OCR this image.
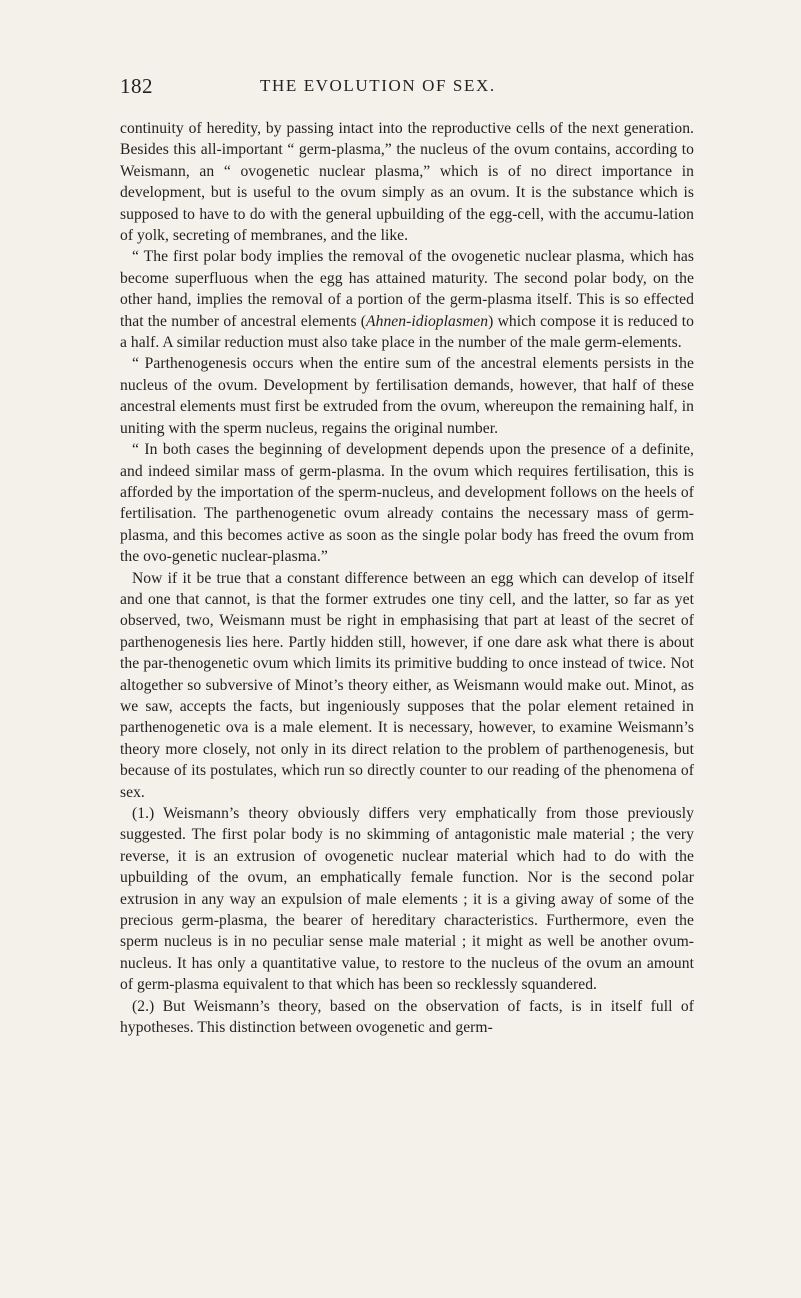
182	THE EVOLUTION OF SEX.

continuity of heredity, by passing intact into the reproductive cells of the next generation. Besides this all-important “ germ-plasma,” the nucleus of the ovum contains, according to Weismann, an “ ovogenetic nuclear plasma,” which is of no direct importance in development, but is useful to the ovum simply as an ovum. It is the substance which is supposed to have to do with the general upbuilding of the egg-cell, with the accumu-lation of yolk, secreting of membranes, and the like.

“ The first polar body implies the removal of the ovogenetic nuclear plasma, which has become superfluous when the egg has attained maturity. The second polar body, on the other hand, implies the removal of a portion of the germ-plasma itself. This is so effected that the number of ancestral elements (Ahnen-idioplasmen) which compose it is reduced to a half. A similar reduction must also take place in the number of the male germ-elements.

“ Parthenogenesis occurs when the entire sum of the ancestral elements persists in the nucleus of the ovum. Development by fertilisation demands, however, that half of these ancestral elements must first be extruded from the ovum, whereupon the remaining half, in uniting with the sperm nucleus, regains the original number.

“ In both cases the beginning of development depends upon the presence of a definite, and indeed similar mass of germ-plasma. In the ovum which requires fertilisation, this is afforded by the importation of the sperm-nucleus, and development follows on the heels of fertilisation. The parthenogenetic ovum already contains the necessary mass of germ-plasma, and this becomes active as soon as the single polar body has freed the ovum from the ovo-genetic nuclear-plasma.”

Now if it be true that a constant difference between an egg which can develop of itself and one that cannot, is that the former extrudes one tiny cell, and the latter, so far as yet observed, two, Weismann must be right in emphasising that part at least of the secret of parthenogenesis lies here. Partly hidden still, however, if one dare ask what there is about the par-thenogenetic ovum which limits its primitive budding to once instead of twice. Not altogether so subversive of Minot’s theory either, as Weismann would make out. Minot, as we saw, accepts the facts, but ingeniously supposes that the polar element retained in parthenogenetic ova is a male element. It is necessary, however, to examine Weismann’s theory more closely, not only in its direct relation to the problem of parthenogenesis, but because of its postulates, which run so directly counter to our reading of the phenomena of sex.

(1.) Weismann’s theory obviously differs very emphatically from those previously suggested. The first polar body is no skimming of antagonistic male material ; the very reverse, it is an extrusion of ovogenetic nuclear material which had to do with the upbuilding of the ovum, an emphatically female function. Nor is the second polar extrusion in any way an expulsion of male elements ; it is a giving away of some of the precious germ-plasma, the bearer of hereditary characteristics. Furthermore, even the sperm nucleus is in no peculiar sense male material ; it might as well be another ovum-nucleus. It has only a quantitative value, to restore to the nucleus of the ovum an amount of germ-plasma equivalent to that which has been so recklessly squandered.

(2.) But Weismann’s theory, based on the observation of facts, is in itself full of hypotheses. This distinction between ovogenetic and germ-
